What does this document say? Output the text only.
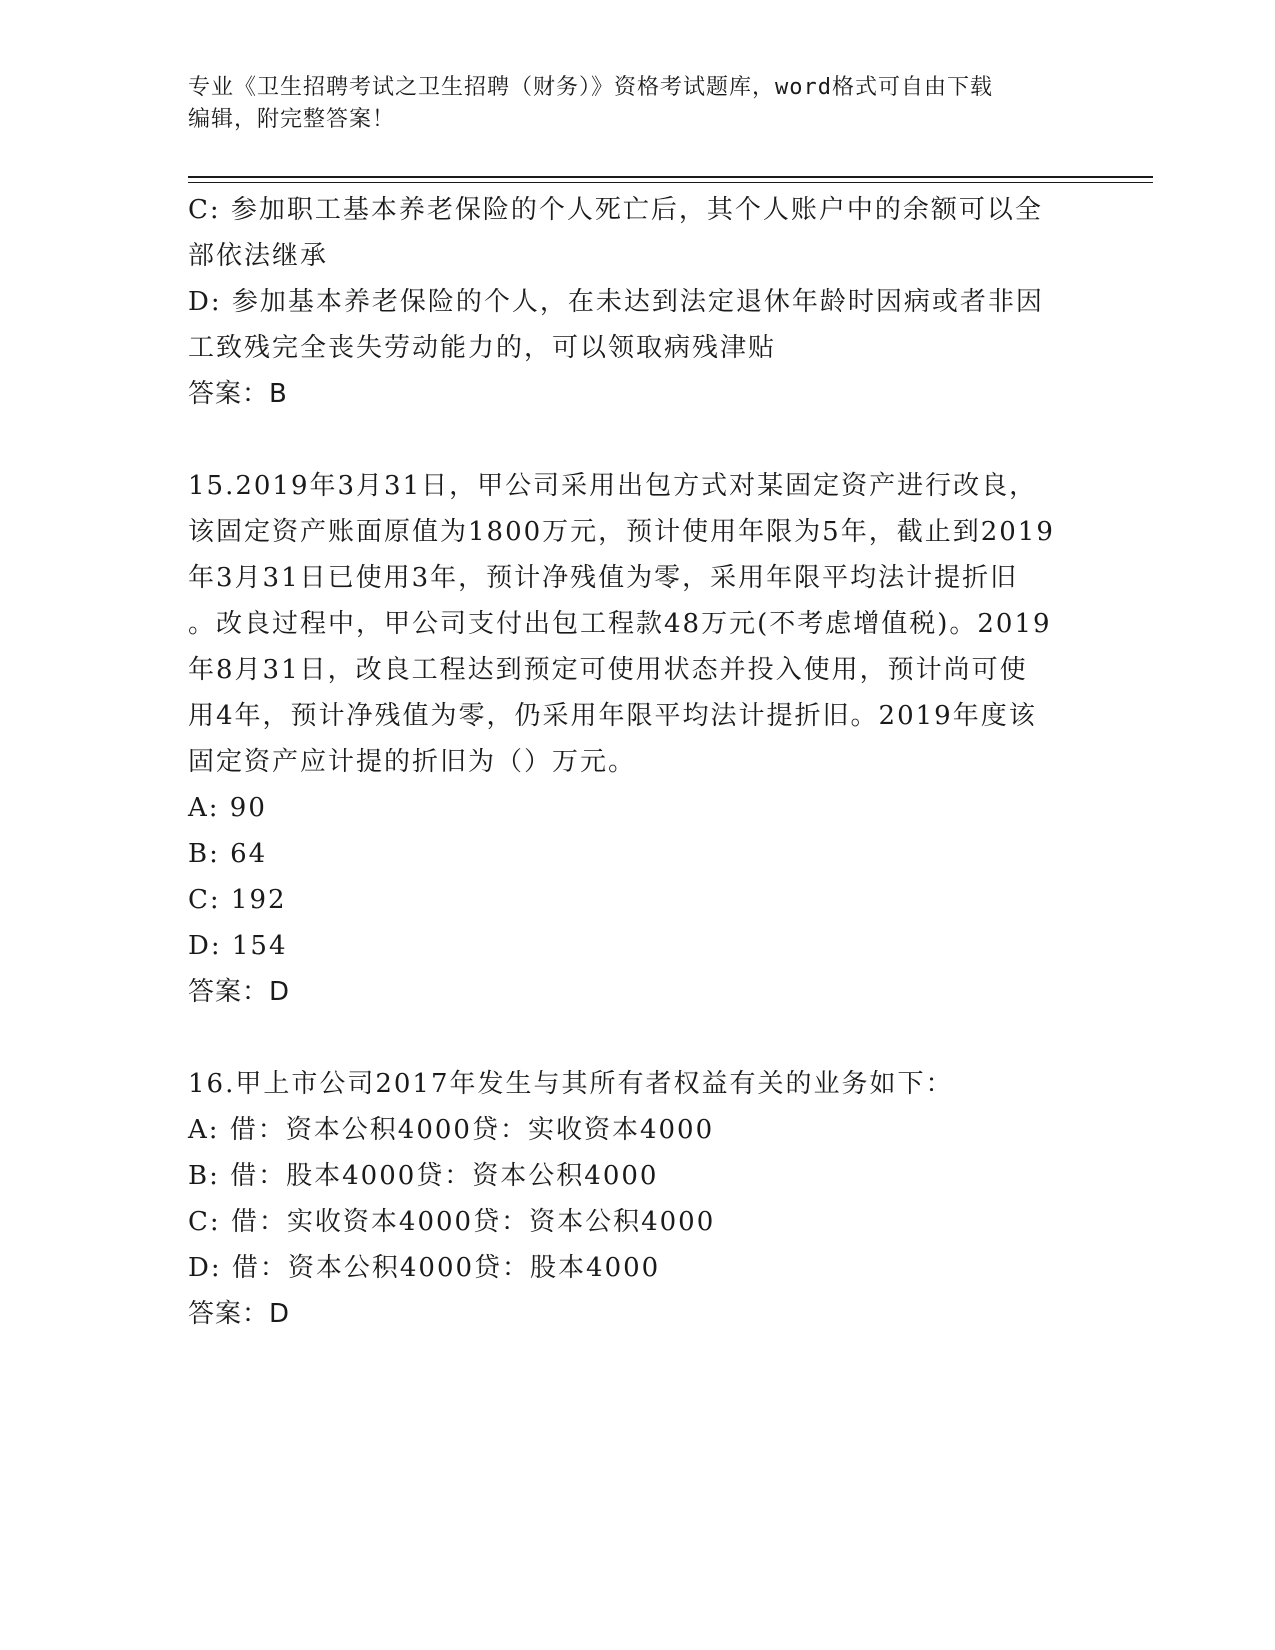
专业《卫生招聘考试之卫生招聘（财务）》资格考试题库，word格式可自由下载
编辑，附完整答案！

C: 参加职工基本养老保险的个人死亡后，其个人账户中的余额可以全

部依法继承

D: 参加基本养老保险的个人，在未达到法定退休年龄时因病或者非因

工致残完全丧失劳动能力的，可以领取病残津贴

答案：B

15.2019年3月31日，甲公司采用出包方式对某固定资产进行改良，

该固定资产账面原值为1800万元，预计使用年限为5年，截止到2019

年3月31日已使用3年，预计净残值为零，采用年限平均法计提折旧

。改良过程中，甲公司支付出包工程款48万元(不考虑增值税)。2019

年8月31日，改良工程达到预定可使用状态并投入使用，预计尚可使

用4年，预计净残值为零，仍采用年限平均法计提折旧。2019年度该

固定资产应计提的折旧为（）万元。

A: 90

B: 64

C: 192

D: 154

答案：D

16.甲上市公司2017年发生与其所有者权益有关的业务如下：

A: 借：资本公积4000贷：实收资本4000

B: 借：股本4000贷：资本公积4000

C: 借：实收资本4000贷：资本公积4000

D: 借：资本公积4000贷：股本4000

答案：D
